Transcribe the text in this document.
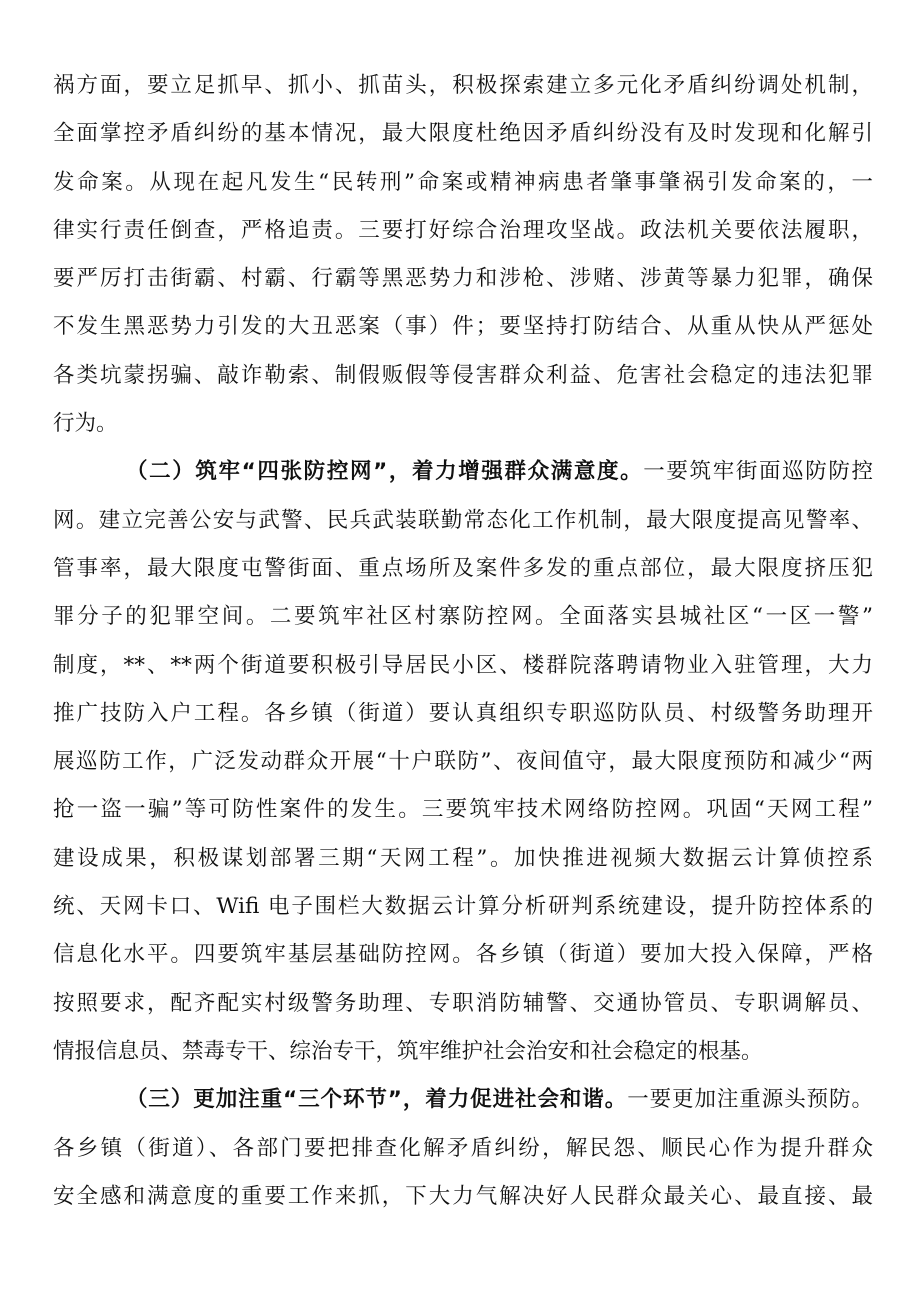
祸方面，要立足抓早、抓小、抓苗头，积极探索建立多元化矛盾纠纷调处机制，
全面掌控矛盾纠纷的基本情况，最大限度杜绝因矛盾纠纷没有及时发现和化解引
发命案。从现在起凡发生“民转刑”命案或精神病患者肇事肇祸引发命案的，一
律实行责任倒查，严格追责。三要打好综合治理攻坚战。政法机关要依法履职，
要严厉打击街霸、村霸、行霸等黑恶势力和涉枪、涉赌、涉黄等暴力犯罪，确保
不发生黑恶势力引发的大丑恶案（事）件；要坚持打防结合、从重从快从严惩处
各类坑蒙拐骗、敲诈勒索、制假贩假等侵害群众利益、危害社会稳定的违法犯罪
行为。
（二）筑牢“四张防控网”，着力增强群众满意度。一要筑牢街面巡防防控
网。建立完善公安与武警、民兵武装联勤常态化工作机制，最大限度提高见警率、
管事率，最大限度屯警街面、重点场所及案件多发的重点部位，最大限度挤压犯
罪分子的犯罪空间。二要筑牢社区村寨防控网。全面落实县城社区“一区一警”
制度，**、**两个街道要积极引导居民小区、楼群院落聘请物业入驻管理，大力
推广技防入户工程。各乡镇（街道）要认真组织专职巡防队员、村级警务助理开
展巡防工作，广泛发动群众开展“十户联防”、夜间值守，最大限度预防和减少“两
抢一盗一骗”等可防性案件的发生。三要筑牢技术网络防控网。巩固“天网工程”
建设成果，积极谋划部署三期“天网工程”。加快推进视频大数据云计算侦控系
统、天网卡口、Wifi 电子围栏大数据云计算分析研判系统建设，提升防控体系的
信息化水平。四要筑牢基层基础防控网。各乡镇（街道）要加大投入保障，严格
按照要求，配齐配实村级警务助理、专职消防辅警、交通协管员、专职调解员、
情报信息员、禁毒专干、综治专干，筑牢维护社会治安和社会稳定的根基。
（三）更加注重“三个环节”，着力促进社会和谐。一要更加注重源头预防。
各乡镇（街道）、各部门要把排查化解矛盾纠纷，解民怨、顺民心作为提升群众
安全感和满意度的重要工作来抓，下大力气解决好人民群众最关心、最直接、最
